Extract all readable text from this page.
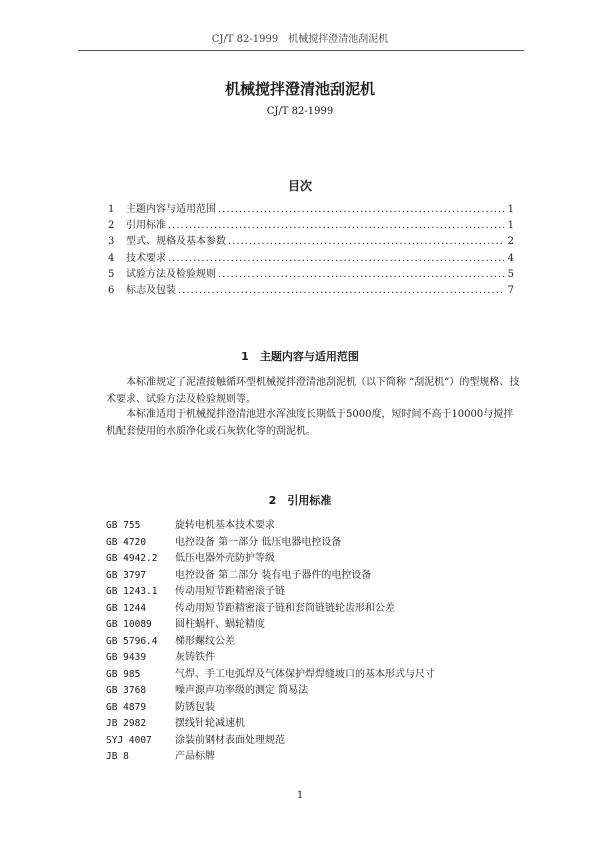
CJ/T 82-1999　机械搅拌澄清池刮泥机
机械搅拌澄清池刮泥机
CJ/T 82-1999
目次
1	主题内容与适用范围 .....	1
2	引用标准 .....	1
3	型式、规格及基本参数 .....	2
4	技术要求 .....	4
5	试验方法及检验规则 .....	5
6	标志及包装 .....	7
1　主题内容与适用范围

本标准规定了泥渣接触循环型机械搅拌澄清池刮泥机（以下简称 “刮泥机”）的型规格、技术要求、试验方法及检验规则等。

本标准适用于机械搅拌澄清池进水浑浊度长期低于5000度，短时间不高于10000与搅拌机配套使用的水质净化或石灰软化等的刮泥机。

2　引用标准
GB 755	旋转电机基本技术要求
GB 4720	电控设备 第一部分 低压电器电控设备
GB 4942.2	低压电器外壳防护等级
GB 3797	电控设备 第二部分 装有电子器件的电控设备
GB 1243.1	传动用短节距精密滚子链
GB 1244	传动用短节距精密滚子链和套筒链链轮齿形和公差
GB 10089	圆柱蜗杆、蜗轮精度
GB 5796.4	梯形螺纹公差
GB 9439	灰铸铁件
GB 985	气焊、手工电弧焊及气体保护焊焊缝坡口的基本形式与尺寸
GB 3768	噪声源声功率级的测定 简易法
GB 4879	防锈包装
JB 2982	摆线针轮减速机
SYJ 4007	涂装前钢材表面处理规范
JB 8	产品标牌
1
